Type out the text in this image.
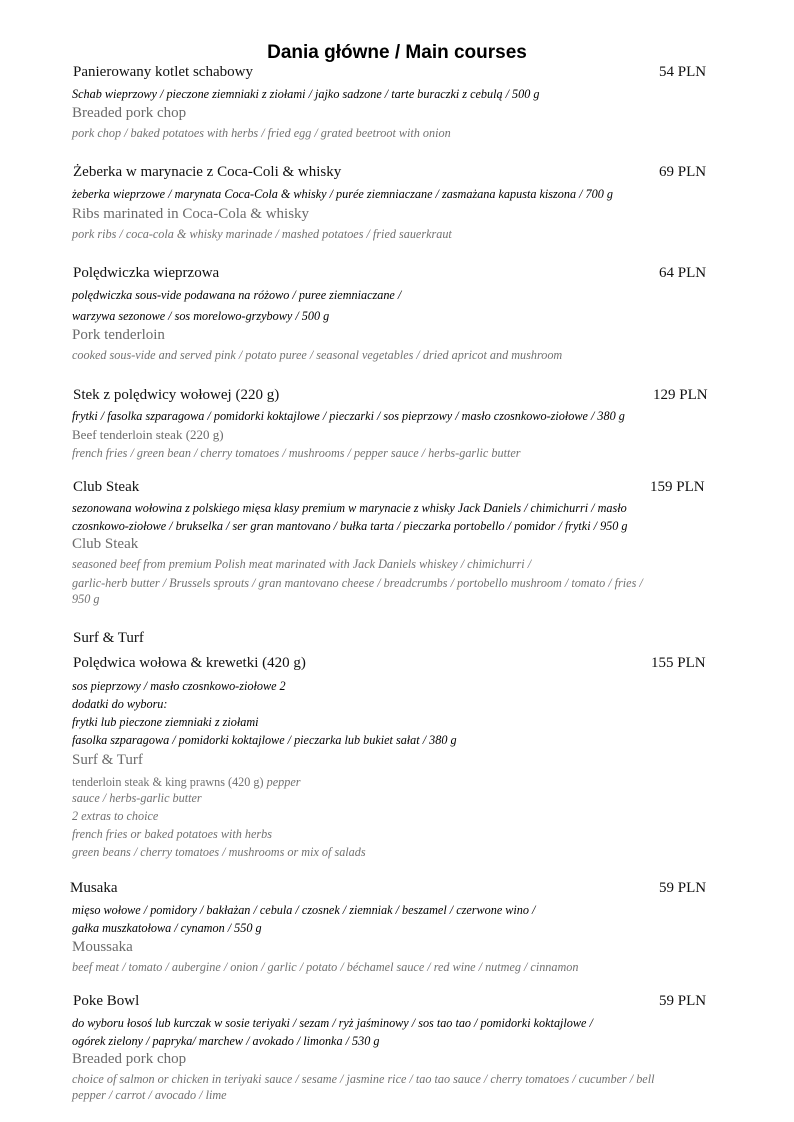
Dania główne / Main courses
Panierowany kotlet schabowy	54 PLN
Schab wieprzowy / pieczone ziemniaki z ziołami / jajko sadzone / tarte buraczki z cebulą / 500 g
Breaded pork chop
pork chop / baked potatoes with herbs / fried egg / grated beetroot with onion
Żeberka w marynacie z Coca-Coli & whisky	69 PLN
żeberka wieprzowe / marynata Coca-Cola & whisky / purée ziemniaczane / zasmażana kapusta kiszona / 700 g
Ribs marinated in Coca-Cola & whisky
pork ribs / coca-cola & whisky marinade / mashed potatoes / fried sauerkraut
Polędwiczka wieprzowa	64 PLN
polędwiczka sous-vide podawana na różowo / puree ziemniaczane /
warzywa sezonowe / sos morelowo-grzybowy / 500 g
Pork tenderloin
cooked sous-vide and served pink / potato puree / seasonal vegetables / dried apricot and mushroom
Stek z polędwicy wołowej (220 g)	129 PLN
frytki / fasolka szparagowa / pomidorki koktajlowe / pieczarki / sos pieprzowy / masło czosnkowo-ziołowe / 380 g
Beef tenderloin steak (220 g)
french fries / green bean / cherry tomatoes / mushrooms / pepper sauce / herbs-garlic butter
Club Steak	159 PLN
sezonowana wołowina z polskiego mięsa klasy premium w marynacie z whisky Jack Daniels / chimichurri / masło
czosnkowo-ziołowe / brukselka / ser gran mantovano / bułka tarta / pieczarka portobello / pomidor / frytki / 950 g
Club Steak
seasoned beef from premium Polish meat marinated with Jack Daniels whiskey / chimichurri /
garlic-herb butter / Brussels sprouts / gran mantovano cheese / breadcrumbs / portobello mushroom / tomato / fries /
950 g
Surf & Turf
Polędwica wołowa & krewetki (420 g)	155 PLN
sos pieprzowy / masło czosnkowo-ziołowe 2
dodatki do wyboru:
frytki lub pieczone ziemniaki z ziołami
fasolka szparagowa / pomidorki koktajlowe / pieczarka lub bukiet sałat / 380 g
Surf & Turf
tenderloin steak & king prawns (420 g) pepper
sauce / herbs-garlic butter
2 extras to choice
french fries or baked potatoes with herbs
green beans / cherry tomatoes / mushrooms or mix of salads
Musaka	59 PLN
mięso wołowe / pomidory / bakłażan / cebula / czosnek / ziemniak / beszamel / czerwone wino /
gałka muszkatołowa / cynamon / 550 g
Moussaka
beef meat / tomato / aubergine / onion / garlic / potato / béchamel sauce / red wine / nutmeg / cinnamon
Poke Bowl	59 PLN
do wyboru łosoś lub kurczak w sosie teriyaki / sezam / ryż jaśminowy / sos tao tao / pomidorki koktajlowe /
ogórek zielony / papryka/ marchew / avokado / limonka / 530 g
Breaded pork chop
choice of salmon or chicken in teriyaki sauce / sesame / jasmine rice / tao tao sauce / cherry tomatoes / cucumber / bell
pepper / carrot / avocado / lime
